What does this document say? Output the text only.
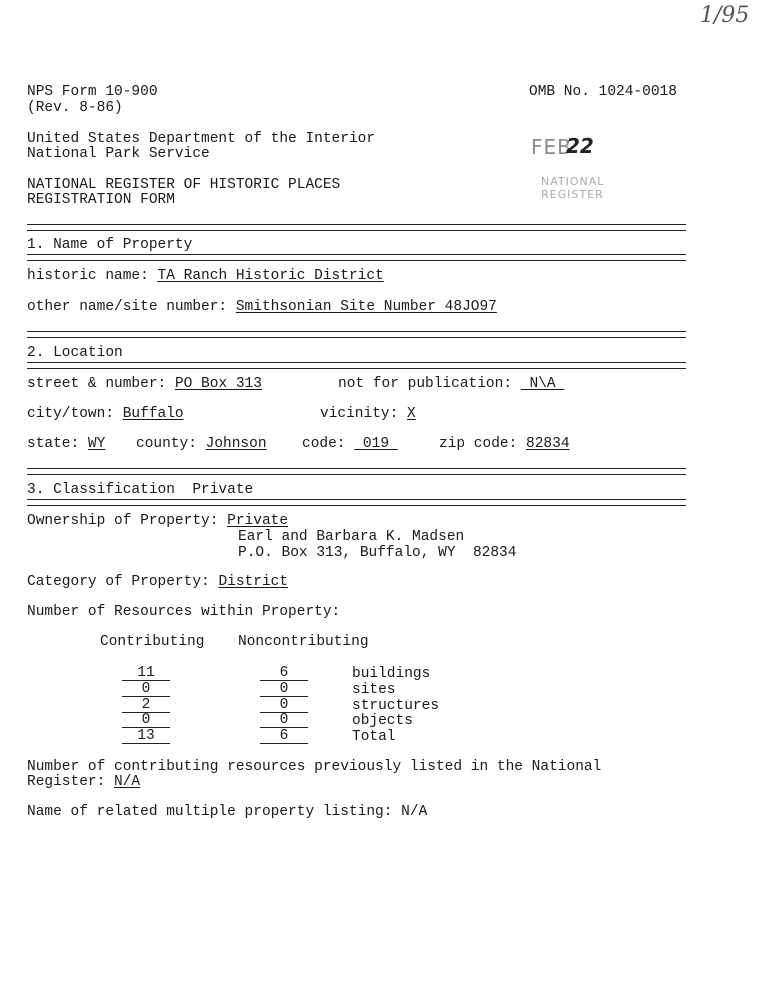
1/95
NPS Form 10-900
(Rev. 8-86)
OMB No. 1024-0018
United States Department of the Interior
National Park Service
NATIONAL REGISTER OF HISTORIC PLACES
REGISTRATION FORM
FEB
22
NATIONAL
REGISTER
1. Name of Property
historic name: TA Ranch Historic District
other name/site number: Smithsonian Site Number 48JO97
2. Location
street & number: PO Box 313	not for publication: N\A
city/town: Buffalo	vicinity: X
state: WY county: Johnson code: 019	zip code: 82834
3. Classification  Private
Ownership of Property: Private
Earl and Barbara K. Madsen
P.O. Box 313, Buffalo, WY  82834
Category of Property: District
Number of Resources within Property:
Contributing Noncontributing
11	6	buildings
0	0	sites
2	0	structures
0	0	objects
13	6	Total
Number of contributing resources previously listed in the National
Register: N/A
Name of related multiple property listing: N/A
